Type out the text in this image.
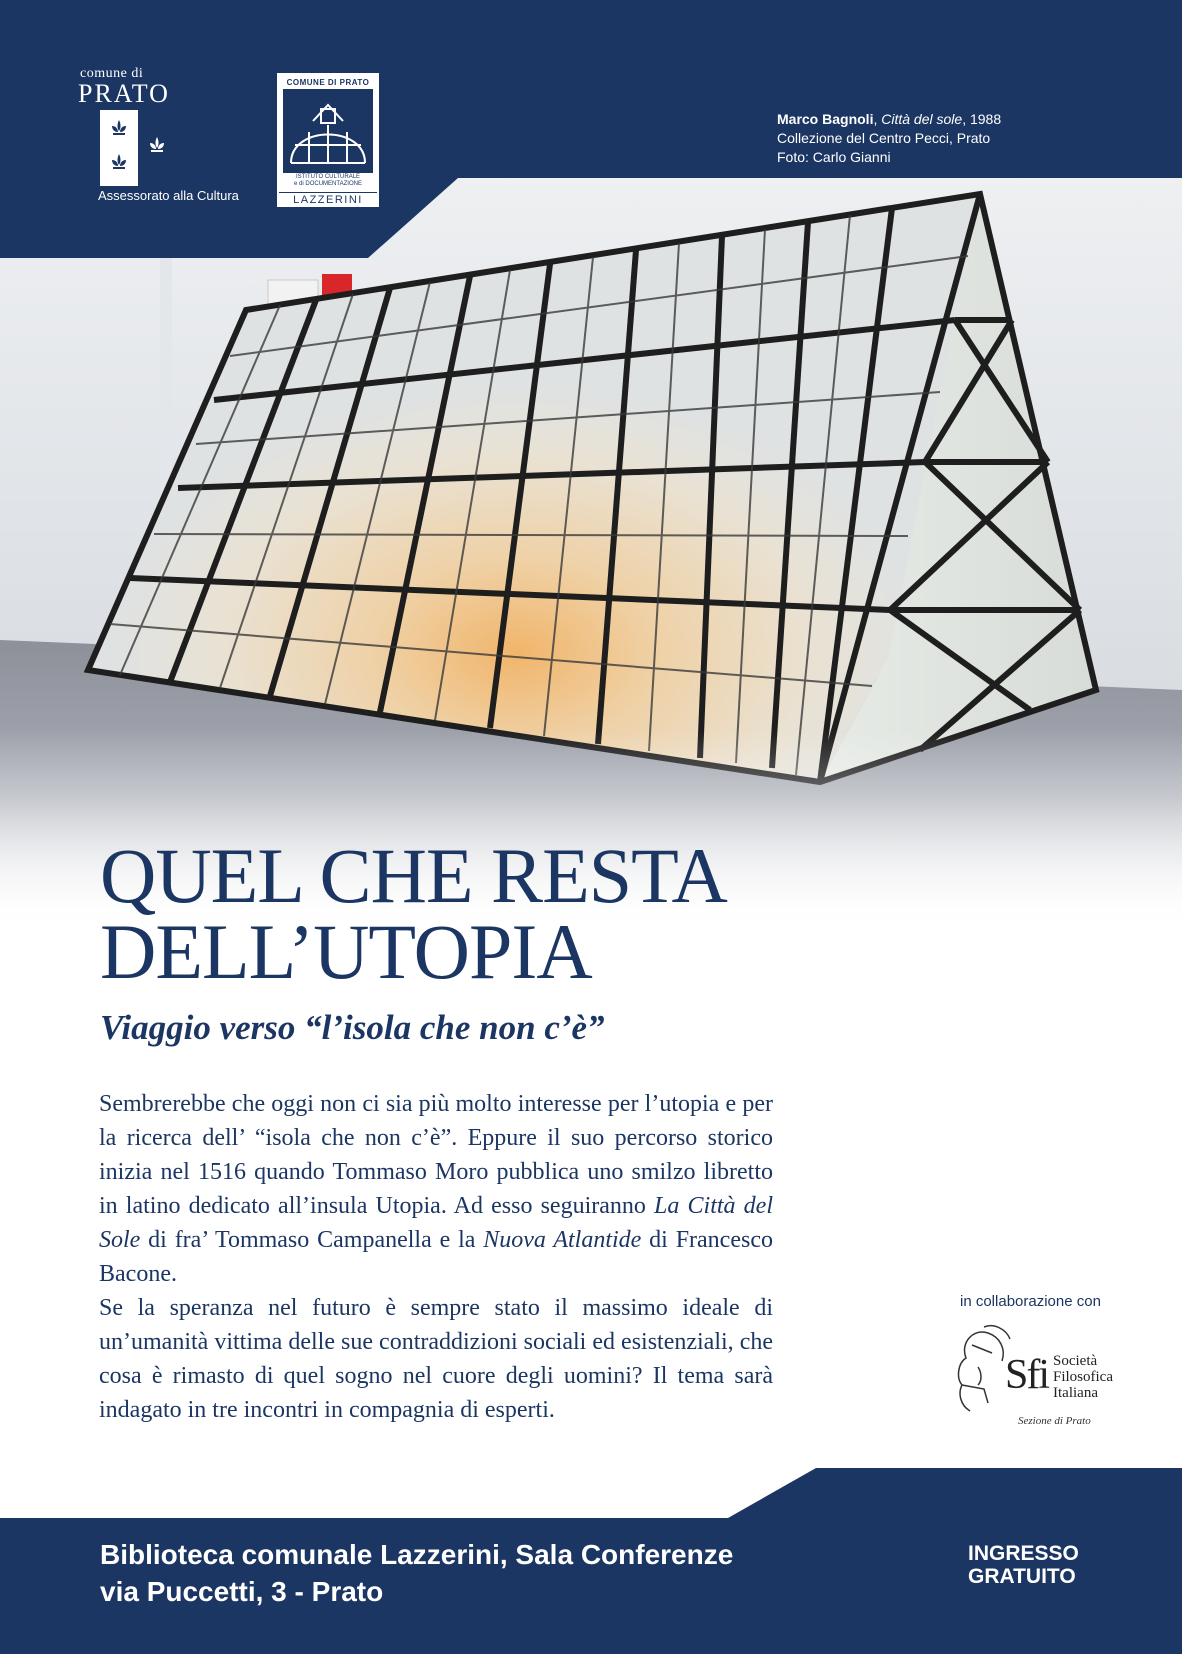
comune di
PRATO
Assessorato alla Cultura
COMUNE DI PRATO
ISTITUTO CULTURALE
e di DOCUMENTAZIONE
LAZZERINI
Marco Bagnoli, Città del sole, 1988
Collezione del Centro Pecci, Prato
Foto: Carlo Gianni
QUEL CHE RESTA
DELL’UTOPIA
Viaggio verso “l’isola che non c’è”

Sembrerebbe che oggi non ci sia più molto interesse per l’utopia e per la ricerca dell’ “isola che non c’è”. Eppure il suo percorso storico inizia nel 1516 quando Tommaso Moro pubblica uno smilzo libretto in latino dedicato all’insula Utopia. Ad esso seguiranno La Città del Sole di fra’ Tommaso Campanella e la Nuova Atlantide di Francesco Bacone.

Se la speranza nel futuro è sempre stato il massimo ideale di un’umanità vittima delle sue contraddizioni sociali ed esistenziali, che cosa è rimasto di quel sogno nel cuore degli uomini? Il tema sarà indagato in tre incontri in compagnia di esperti.

in collaborazione con
Sfi Società
Filosofica
Italiana
Sezione di Prato
Biblioteca comunale Lazzerini, Sala Conferenze
via Puccetti, 3 - Prato
INGRESSO
GRATUITO
